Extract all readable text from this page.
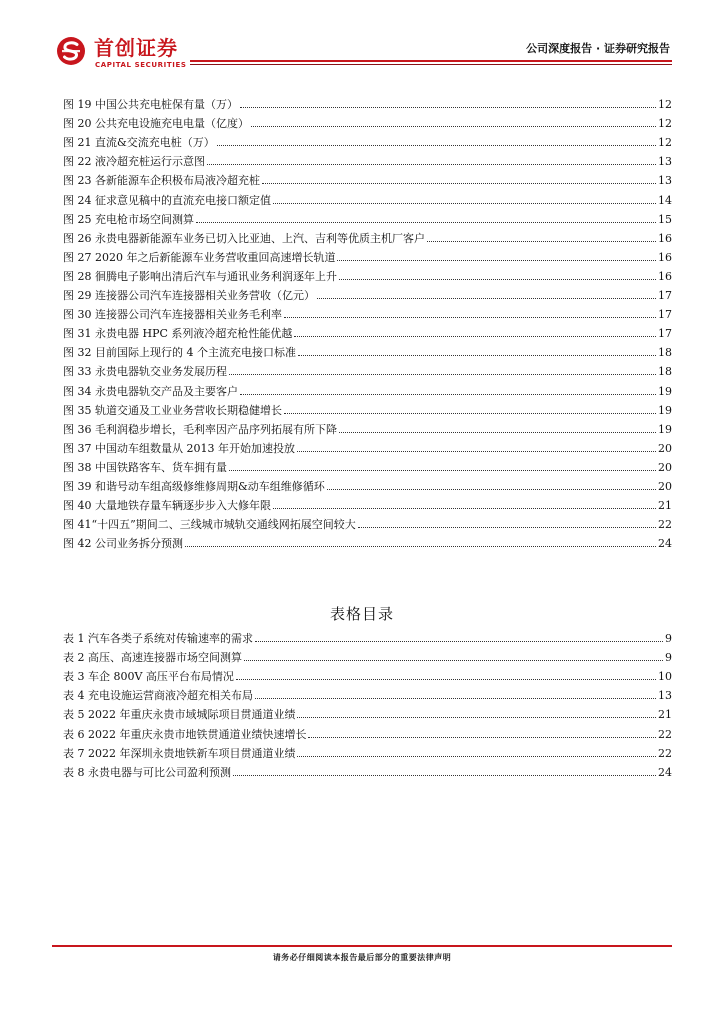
首创证券
CAPITAL SECURITIES
公司深度报告 · 证券研究报告
图 19 中国公共充电桩保有量（万）	12
图 20 公共充电设施充电电量（亿度）	12
图 21 直流&交流充电桩（万）	12
图 22 液冷超充桩运行示意图	13
图 23 各新能源车企积极布局液冷超充桩	13
图 24 征求意见稿中的直流充电接口额定值	14
图 25 充电枪市场空间测算	15
图 26 永贵电器新能源车业务已切入比亚迪、上汽、吉利等优质主机厂客户	16
图 27 2020 年之后新能源车业务营收重回高速增长轨道	16
图 28 徊腾电子影响出清后汽车与通讯业务利润逐年上升	16
图 29 连接器公司汽车连接器相关业务营收（亿元）	17
图 30 连接器公司汽车连接器相关业务毛利率	17
图 31 永贵电器 HPC 系列液冷超充枪性能优越	17
图 32 目前国际上现行的 4 个主流充电接口标准	18
图 33 永贵电器轨交业务发展历程	18
图 34 永贵电器轨交产品及主要客户	19
图 35 轨道交通及工业业务营收长期稳健增长	19
图 36 毛利润稳步增长，毛利率因产品序列拓展有所下降	19
图 37 中国动车组数量从 2013 年开始加速投放	20
图 38 中国铁路客车、货车拥有量	20
图 39 和谐号动车组高级修维修周期&动车组维修循环	20
图 40 大量地铁存量车辆逐步步入大修年限	21
图 41“十四五”期间二、三线城市城轨交通线网拓展空间较大	22
图 42 公司业务拆分预测	24
表格目录
表 1 汽车各类子系统对传输速率的需求	9
表 2 高压、高速连接器市场空间测算	9
表 3 车企 800V 高压平台布局情况	10
表 4 充电设施运营商液冷超充相关布局	13
表 5 2022 年重庆永贵市域城际项目贯通道业绩	21
表 6 2022 年重庆永贵市地铁贯通道业绩快速增长	22
表 7 2022 年深圳永贵地铁新车项目贯通道业绩	22
表 8 永贵电器与可比公司盈利预测	24
请务必仔细阅读本报告最后部分的重要法律声明
